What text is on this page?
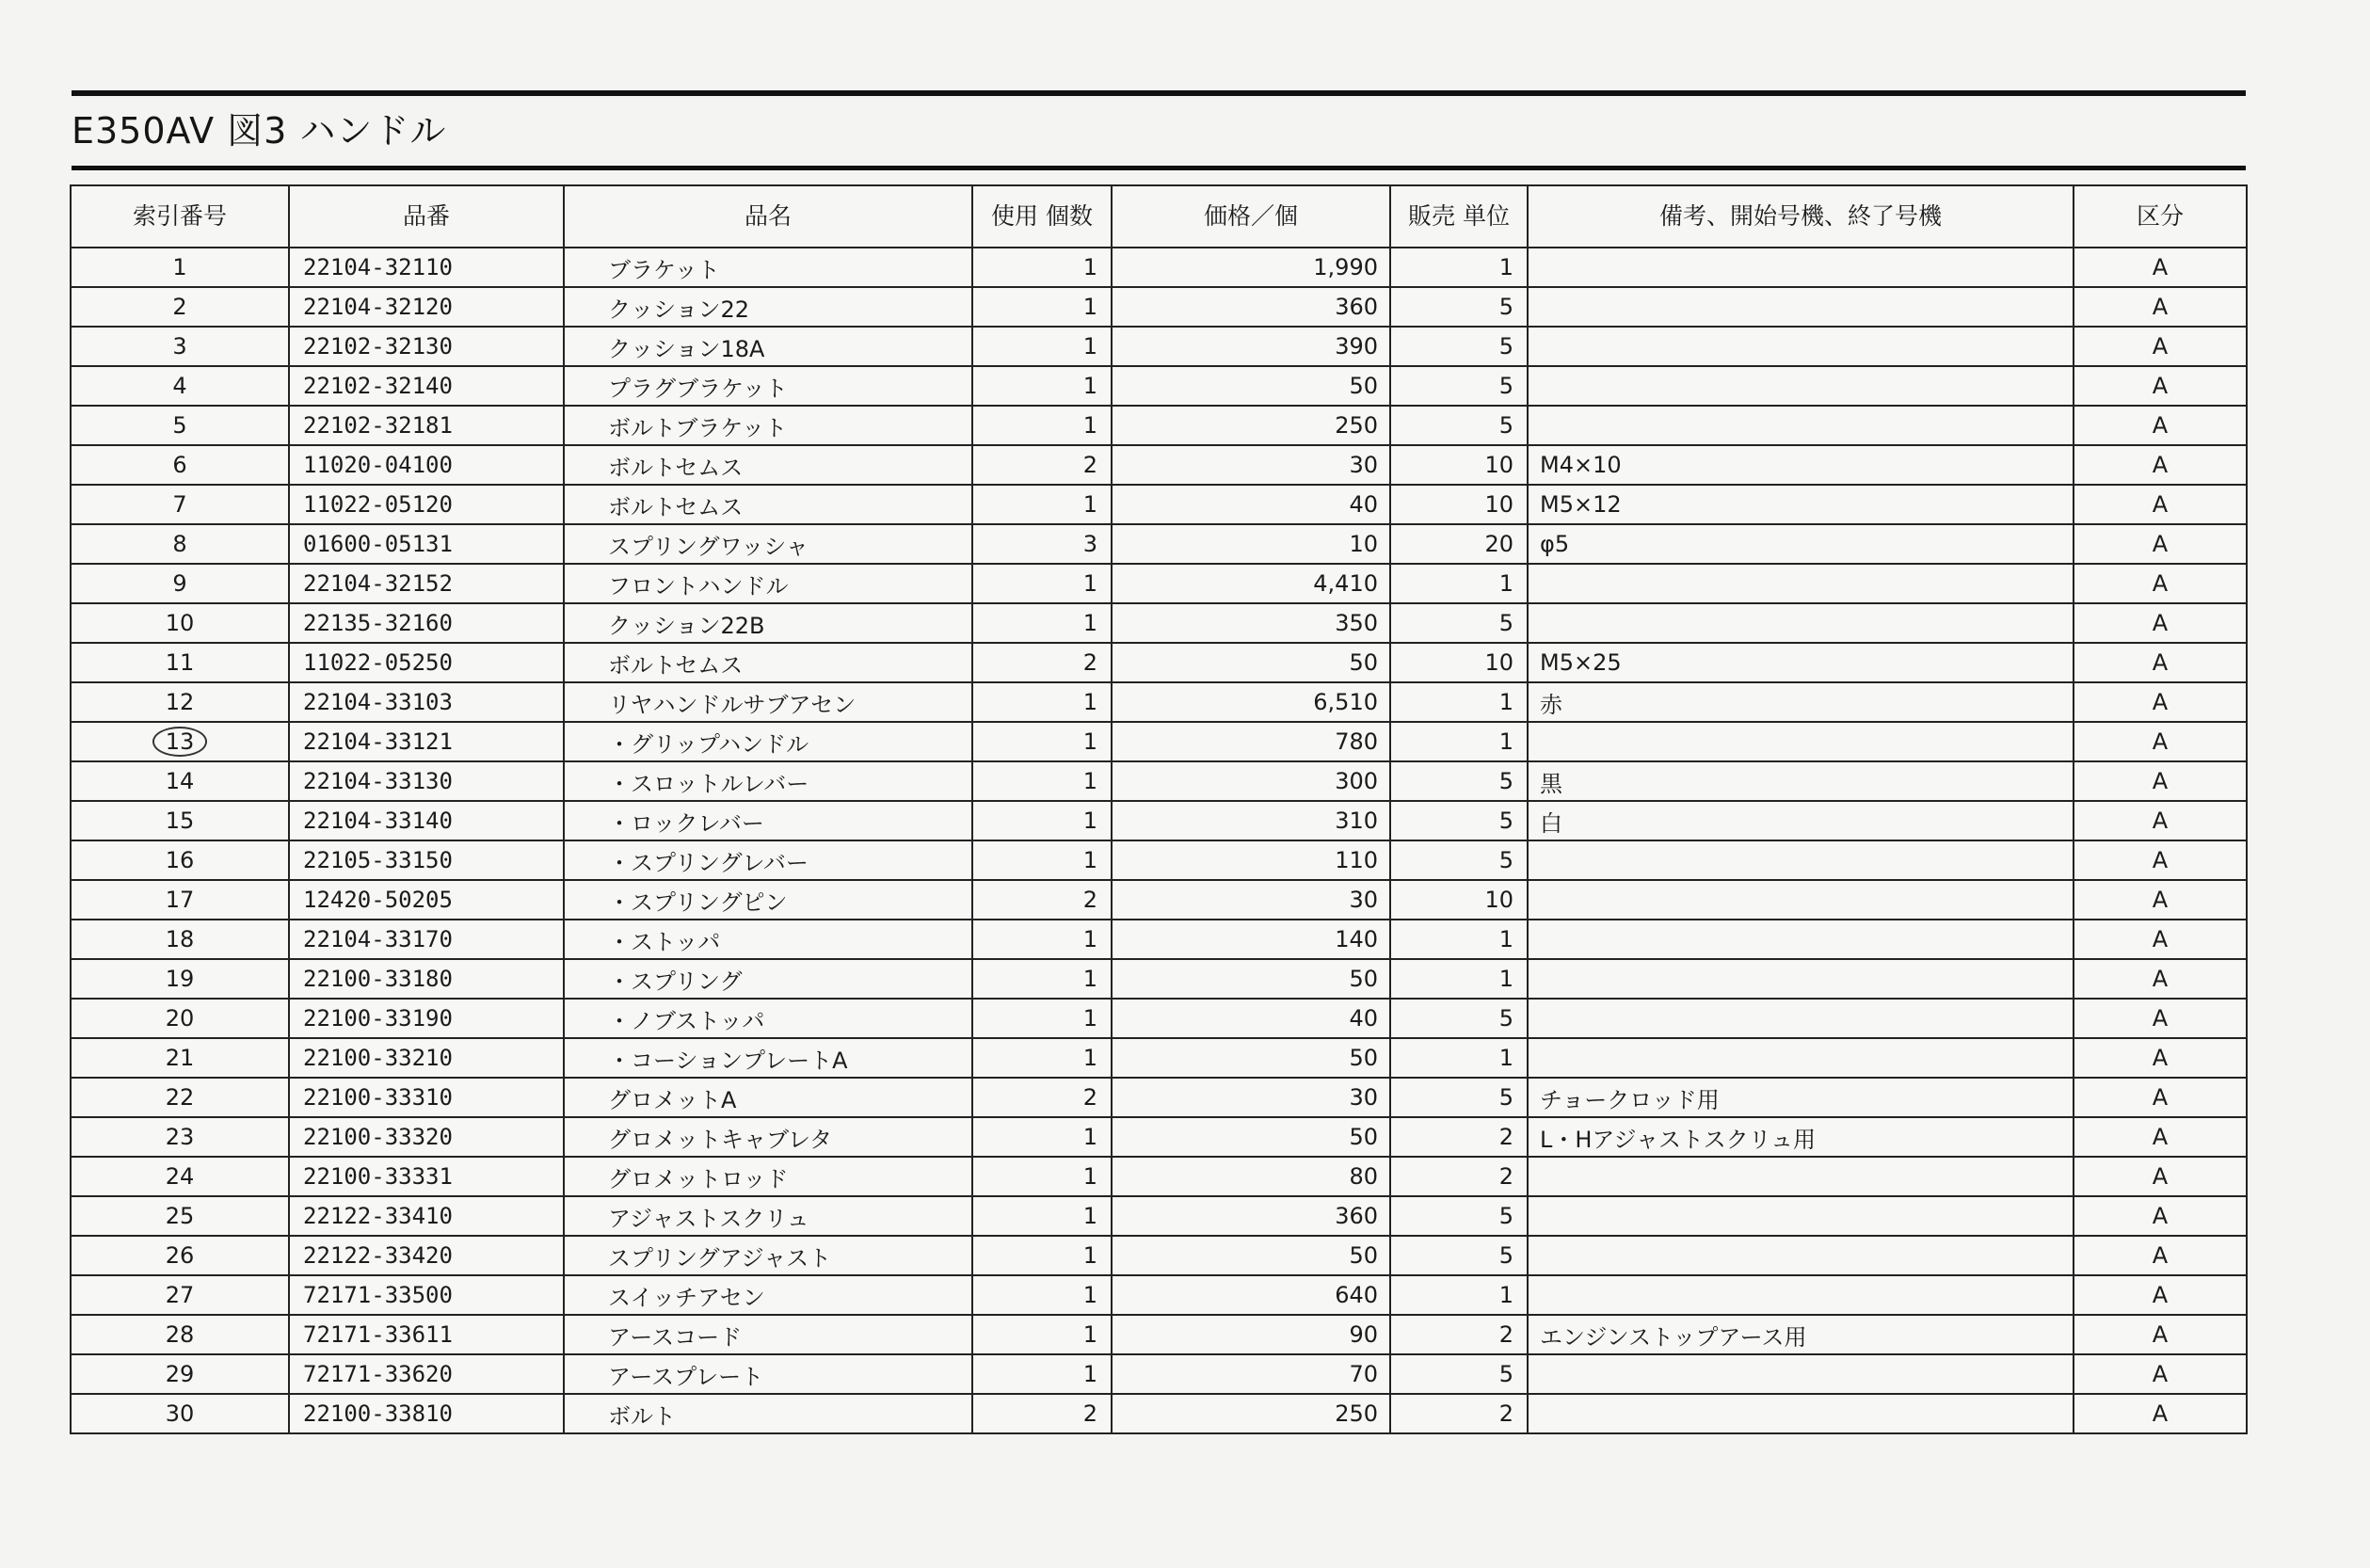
E350AV 図3 ハンドル
索引番号	品番	品名	使用 個数	価格／個	販売 単位	備考、開始号機、終了号機	区分
1	22104-32110	ブラケット	1	1,990	1		A
2	22104-32120	クッション22	1	360	5		A
3	22102-32130	クッション18A	1	390	5		A
4	22102-32140	プラグブラケット	1	50	5		A
5	22102-32181	ボルトブラケット	1	250	5		A
6	11020-04100	ボルトセムス	2	30	10	M4×10	A
7	11022-05120	ボルトセムス	1	40	10	M5×12	A
8	01600-05131	スプリングワッシャ	3	10	20	φ5	A
9	22104-32152	フロントハンドル	1	4,410	1		A
10	22135-32160	クッション22B	1	350	5		A
11	11022-05250	ボルトセムス	2	50	10	M5×25	A
12	22104-33103	リヤハンドルサブアセン	1	6,510	1	赤	A
13	22104-33121	・グリップハンドル	1	780	1		A
14	22104-33130	・スロットルレバー	1	300	5	黒	A
15	22104-33140	・ロックレバー	1	310	5	白	A
16	22105-33150	・スプリングレバー	1	110	5		A
17	12420-50205	・スプリングピン	2	30	10		A
18	22104-33170	・ストッパ	1	140	1		A
19	22100-33180	・スプリング	1	50	1		A
20	22100-33190	・ノブストッパ	1	40	5		A
21	22100-33210	・コーションプレートA	1	50	1		A
22	22100-33310	グロメットA	2	30	5	チョークロッド用	A
23	22100-33320	グロメットキャブレタ	1	50	2	L・Hアジャストスクリュ用	A
24	22100-33331	グロメットロッド	1	80	2		A
25	22122-33410	アジャストスクリュ	1	360	5		A
26	22122-33420	スプリングアジャスト	1	50	5		A
27	72171-33500	スイッチアセン	1	640	1		A
28	72171-33611	アースコード	1	90	2	エンジンストップアース用	A
29	72171-33620	アースプレート	1	70	5		A
30	22100-33810	ボルト	2	250	2		A
